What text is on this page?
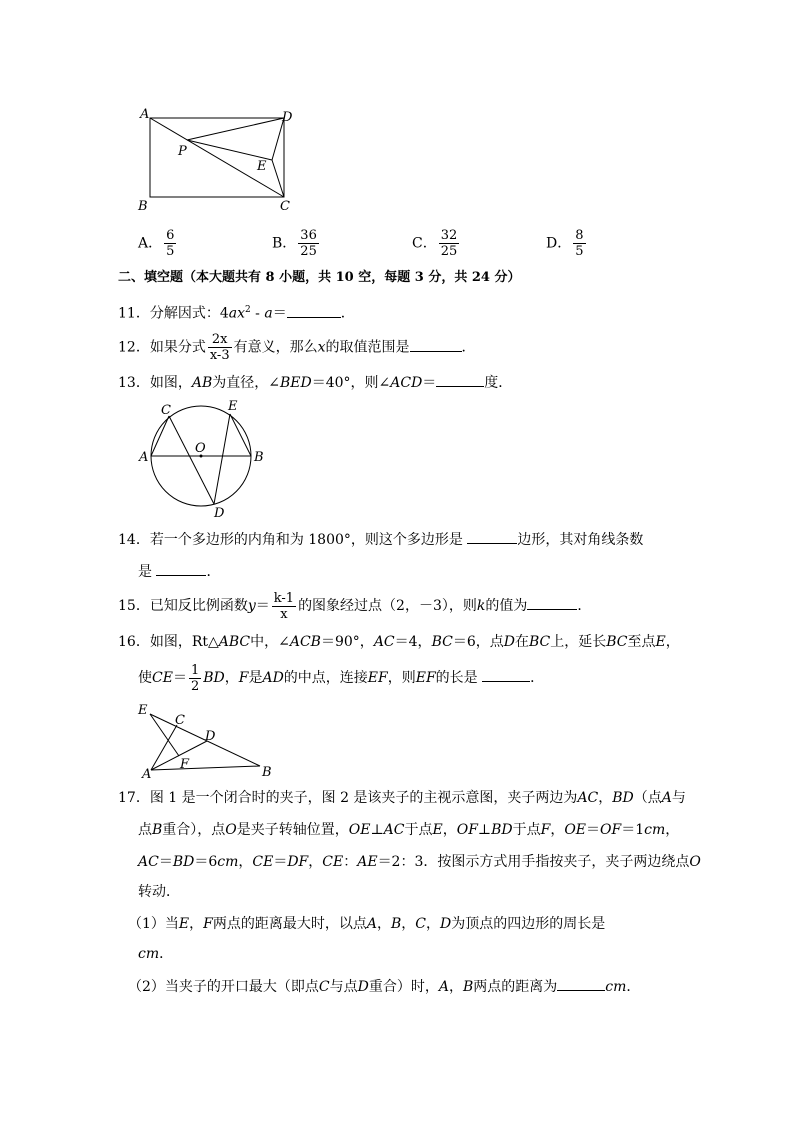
A	D
P
E
B	C
A． $\frac{6}{5}$	B． $\frac{36}{25}$	C． $\frac{32}{25}$	D． $\frac{8}{5}$
二、填空题（本大题共有 8 小题，共 10 空，每题 3 分，共 24 分）
11．分解因式：$4ax^2 - a=$	．
12．如果分式 $\frac{2x}{x-3}$ 有意义，那么x的取值范围是	．
13．如图，AB为直径，∠BED＝40°，则∠ACD＝	度．
C	E
O
A	B
D
14．若一个多边形的内角和为 1800°，则这个多边形是	边形，其对角线条数
是	．
15．已知反比例函数$y= \frac{k-1}{x}$ 的图象经过点（2，－3），则k的值为	．
16．如图，Rt△ABC中，∠ACB＝90°，AC＝4，BC＝6，点D在BC上，延长BC至点E，
使$CE= \frac{1}{2}$ BD，F是AD的中点，连接EF，则EF的长是	．
E
C
D
F
A	B
17．图 1 是一个闭合时的夹子，图 2 是该夹子的主视示意图，夹子两边为AC，BD（点A与
点B重合），点O是夹子转轴位置，OE⊥AC于点E，OF⊥BD于点F，OE＝OF＝1cm，
AC＝BD＝6cm，CE＝DF，CE：AE＝2：3．按图示方式用手指按夹子，夹子两边绕点O
转动．
（1）当E，F两点的距离最大时，以点A，B，C，D为顶点的四边形的周长是
cm．
（2）当夹子的开口最大（即点C与点D重合）时，A，B两点的距离为	cm．
